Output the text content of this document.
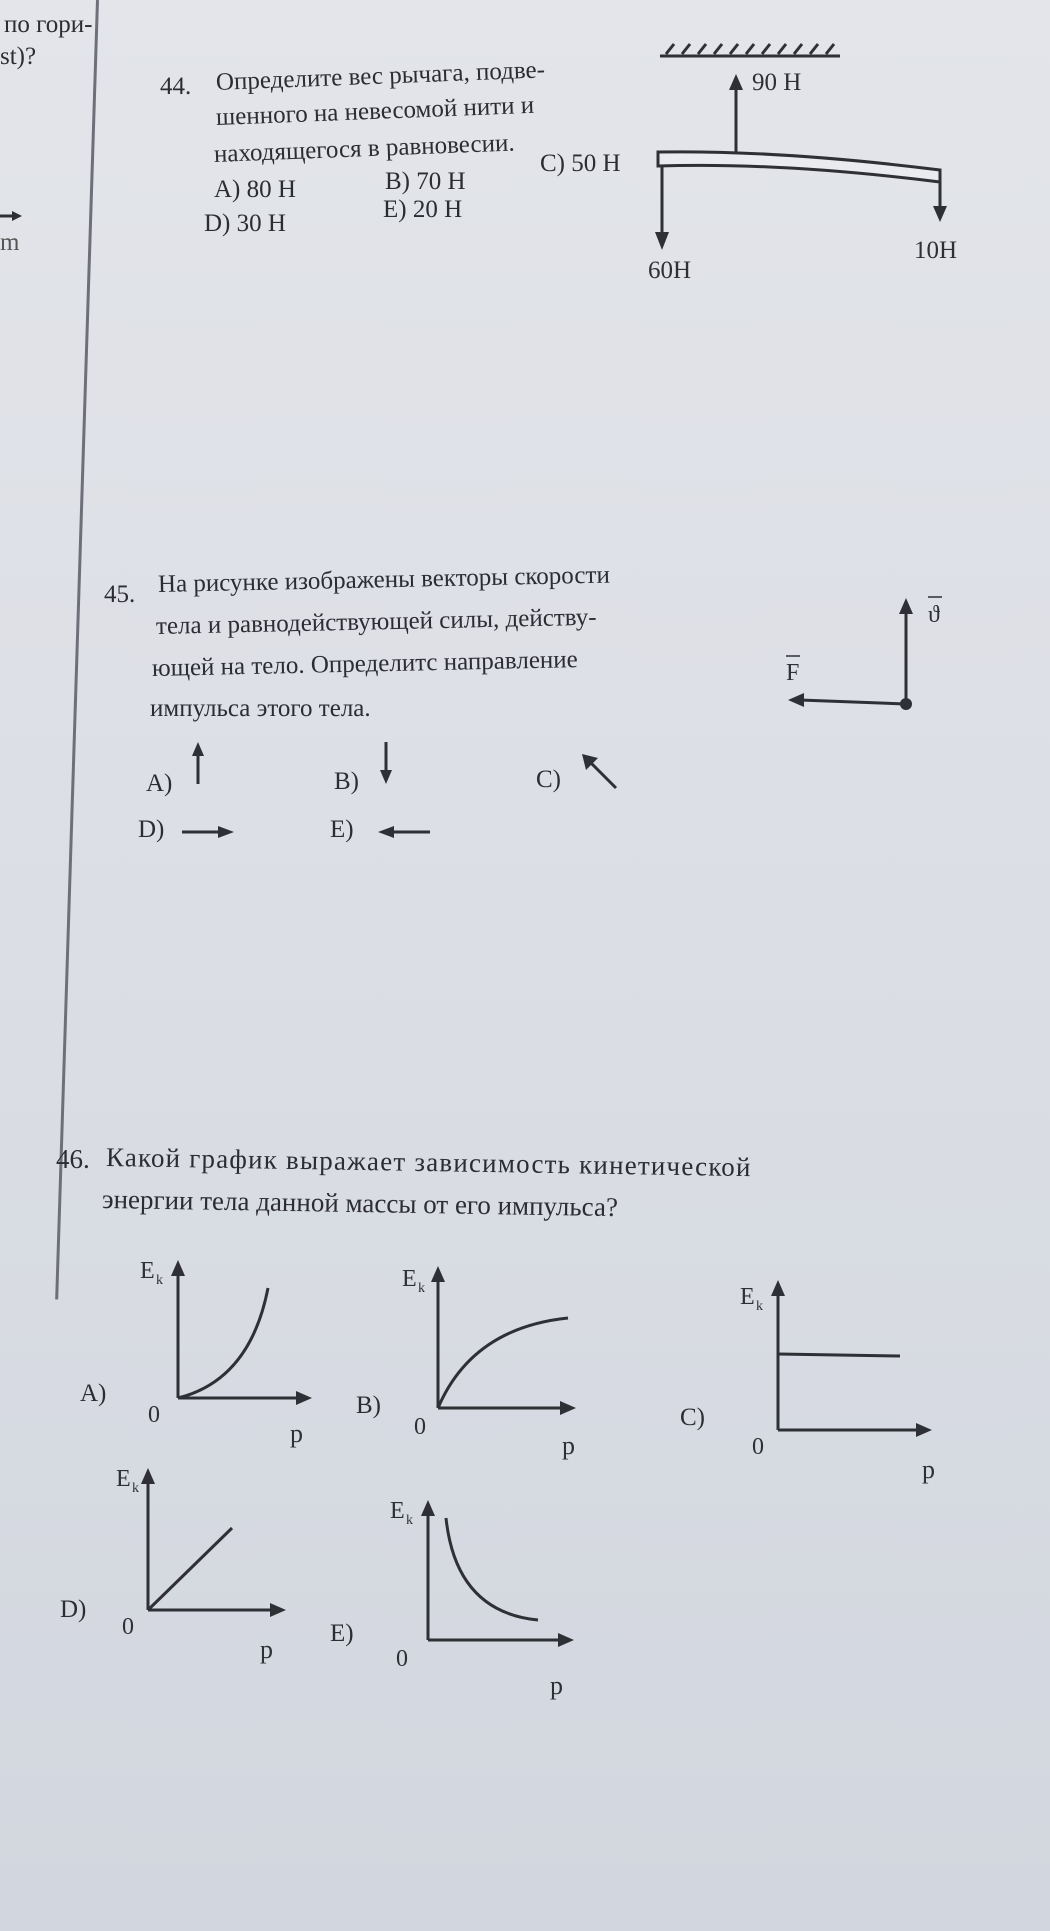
по гори-
st)?
m
44. Определите вес рычага, подве-
шенного на невесомой нити и
находящегося в равновесии.
A) 80 H	B) 70 H
C) 50 H
D) 30 H
E) 20 H
90 H
60H
10H
45. На рисунке изображены векторы скорости
тела и равнодействующей силы, действу-
ющей на тело. Определитс направление
импульса этого тела.
F
ϑ
A)	B)	C)
D)	E)
46. Какой график выражает зависимость кинетической
энергии тела данной массы от его импульса?
A)
E k
0
p
B)
E k
0
p
C)
E k
0
p
D)
E k
0
p
E)
E k
0
p
